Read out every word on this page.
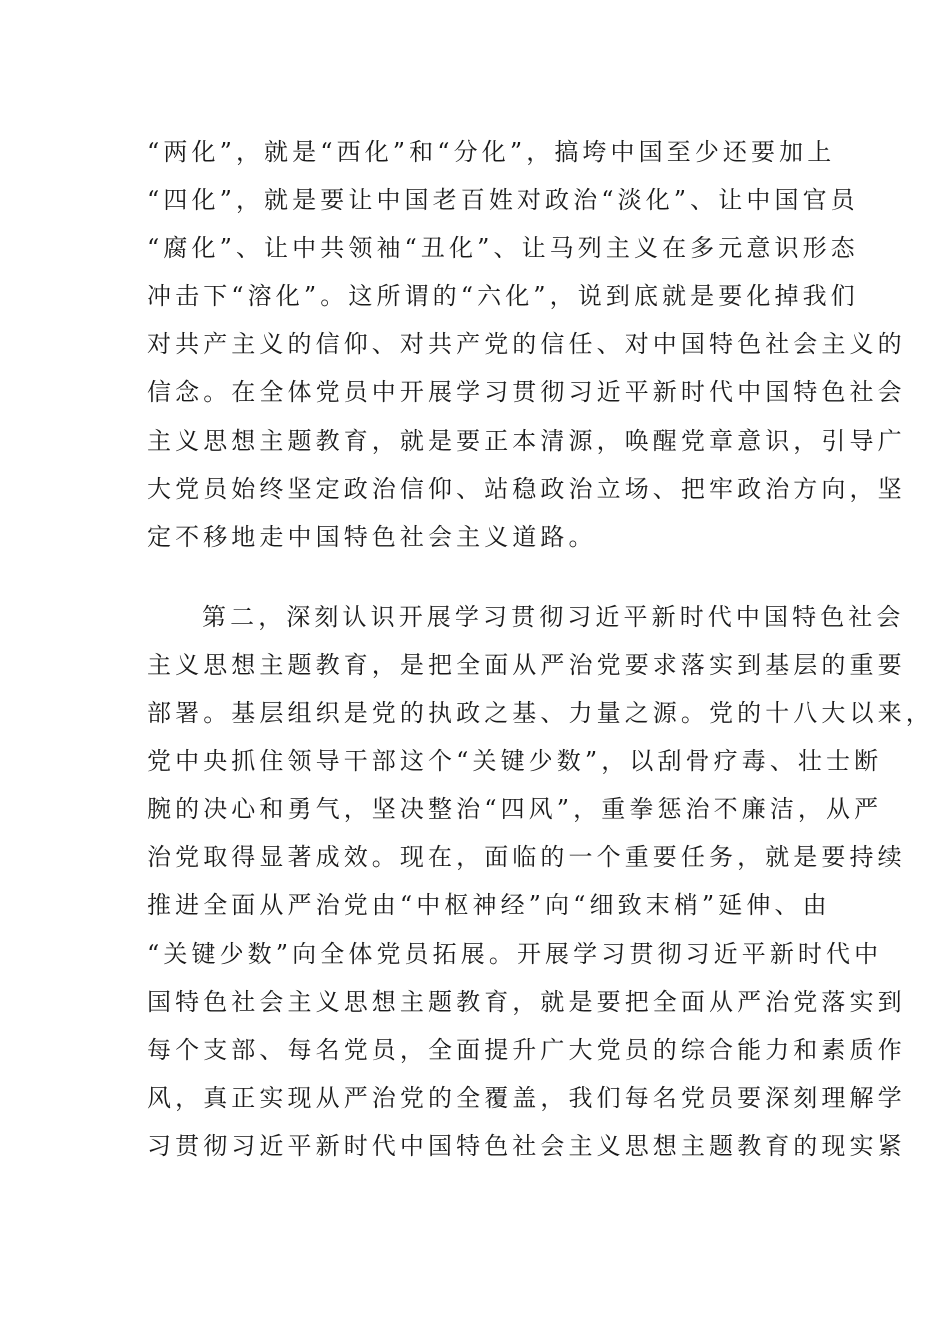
“两化”，就是“西化”和“分化”，搞垮中国至少还要加上
“四化”，就是要让中国老百姓对政治“淡化”、让中国官员
“腐化”、让中共领袖“丑化”、让马列主义在多元意识形态
冲击下“溶化”。这所谓的“六化”，说到底就是要化掉我们
对共产主义的信仰、对共产党的信任、对中国特色社会主义的
信念。在全体党员中开展学习贯彻习近平新时代中国特色社会
主义思想主题教育，就是要正本清源，唤醒党章意识，引导广
大党员始终坚定政治信仰、站稳政治立场、把牢政治方向，坚
定不移地走中国特色社会主义道路。
第二，深刻认识开展学习贯彻习近平新时代中国特色社会
主义思想主题教育，是把全面从严治党要求落实到基层的重要
部署。基层组织是党的执政之基、力量之源。党的十八大以来，
党中央抓住领导干部这个“关键少数”，以刮骨疗毒、壮士断
腕的决心和勇气，坚决整治“四风”，重拳惩治不廉洁，从严
治党取得显著成效。现在，面临的一个重要任务，就是要持续
推进全面从严治党由“中枢神经”向“细致末梢”延伸、由
“关键少数”向全体党员拓展。开展学习贯彻习近平新时代中
国特色社会主义思想主题教育，就是要把全面从严治党落实到
每个支部、每名党员，全面提升广大党员的综合能力和素质作
风，真正实现从严治党的全覆盖，我们每名党员要深刻理解学
习贯彻习近平新时代中国特色社会主义思想主题教育的现实紧
